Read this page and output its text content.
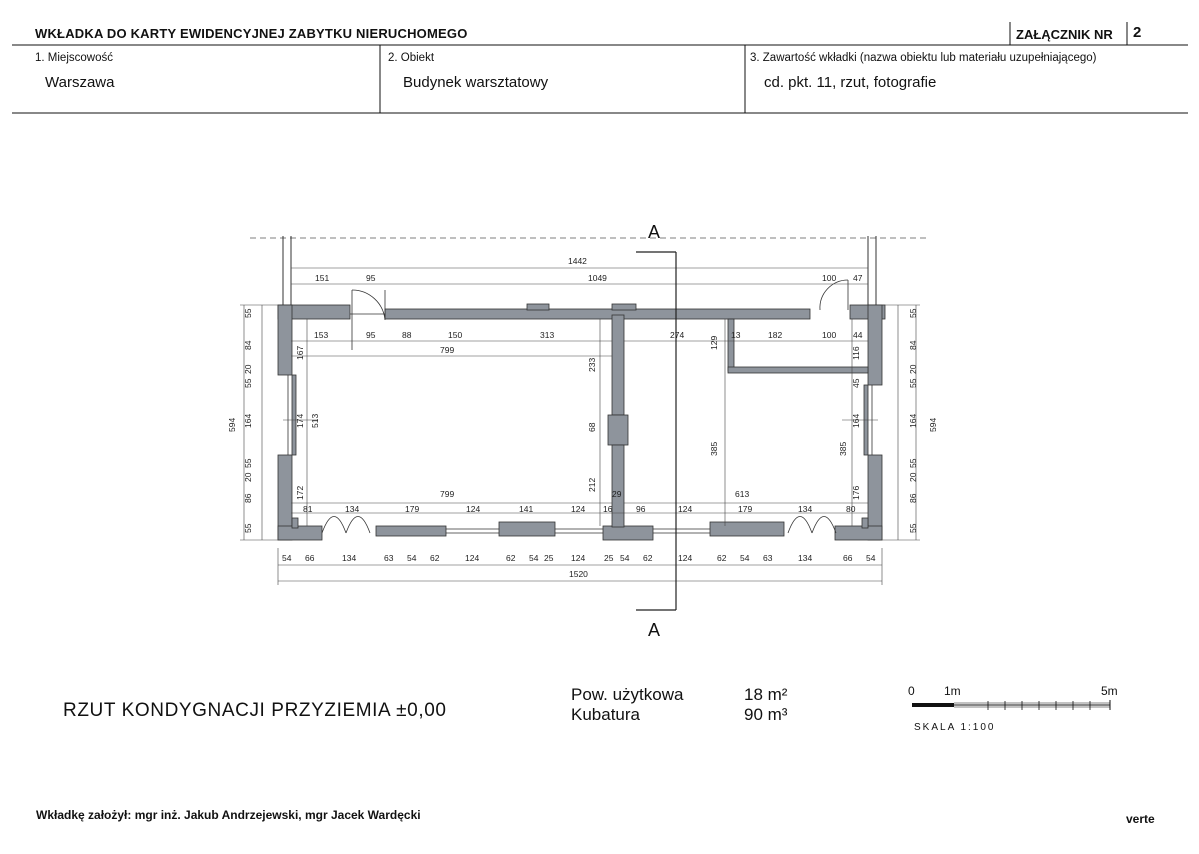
WKŁADKA DO KARTY EWIDENCYJNEJ ZABYTKU NIERUCHOMEGO	ZAŁĄCZNIK NR 2
1. Miejscowość
Warszawa
2. Obiekt
Budynek warsztatowy
3. Zawartość wkładki (nazwa obiektu lub materiału uzupełniającego)
cd. pkt. 11, rzut, fotografie
1442
151	95	1049	100 47
153	95	88	150	313	274	13	182	100 44
799
799	613
81	134	179	124	141	124 16
29
96	124	179	134	80
54 66	134	63 54 62	124	62 54 25 124 25 54 62	124	62 54 63	134	66 54
1520
55
84
20
55
164
55
20
86
55
594
167
174 513
172
233
68
212
129
385
116
45
164
385
176
55
84
20
55
164
55
20
86
55
594
A
A
RZUT KONDYGNACJI PRZYZIEMIA ±0,00
Pow. użytkowa	18 m²
Kubatura	90 m³
0 1m	5m
SKALA 1:100
Wkładkę założył: mgr inż. Jakub Andrzejewski, mgr Jacek Wardęcki	verte
